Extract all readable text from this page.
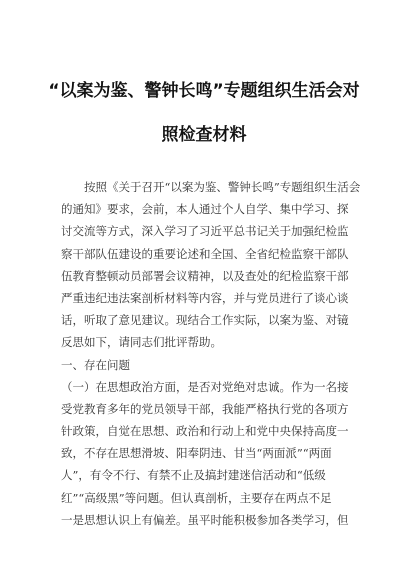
“以案为鉴、警钟长鸣”专题组织生活会对
照检查材料
按照《关于召开“以案为鉴、警钟长鸣”专题组织生活会
的通知》要求，会前，本人通过个人自学、集中学习、探
讨交流等方式，深入学习了习近平总书记关于加强纪检监
察干部队伍建设的重要论述和全国、全省纪检监察干部队
伍教育整顿动员部署会议精神，以及查处的纪检监察干部
严重违纪违法案剖析材料等内容，并与党员进行了谈心谈
话，听取了意见建议。现结合工作实际，以案为鉴、对镜
反思如下，请同志们批评帮助。
一、存在问题
（一）在思想政治方面，是否对党绝对忠诚。作为一名接
受党教育多年的党员领导干部，我能严格执行党的各项方
针政策，自觉在思想、政治和行动上和党中央保持高度一
致，不存在思想滑坡、阳奉阴违、甘当“两面派”“两面
人”，有令不行、有禁不止及搞封建迷信活动和“低级
红”“高级黑”等问题。但认真剖析，主要存在两点不足
一是思想认识上有偏差。虽平时能积极参加各类学习，但
